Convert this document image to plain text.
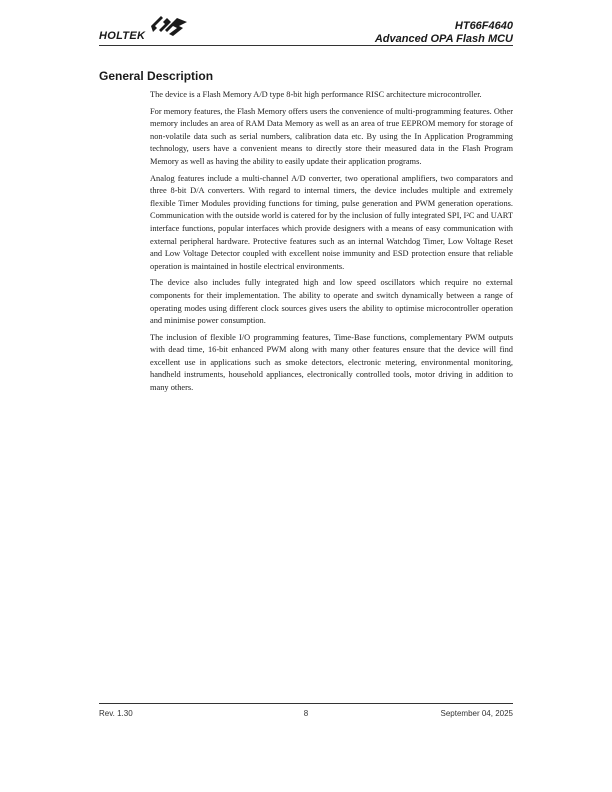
HOLTEK
HT66F4640
Advanced OPA Flash MCU
General Description

The device is a Flash Memory A/D type 8-bit high performance RISC architecture microcontroller.

For memory features, the Flash Memory offers users the convenience of multi-programming features. Other memory includes an area of RAM Data Memory as well as an area of true EEPROM memory for storage of non-volatile data such as serial numbers, calibration data etc. By using the In Application Programming technology, users have a convenient means to directly store their measured data in the Flash Program Memory as well as having the ability to easily update their application programs.

Analog features include a multi-channel A/D converter, two operational amplifiers, two comparators and three 8-bit D/A converters. With regard to internal timers, the device includes multiple and extremely flexible Timer Modules providing functions for timing, pulse generation and PWM generation operations. Communication with the outside world is catered for by the inclusion of fully integrated SPI, I²C and UART interface functions, popular interfaces which provide designers with a means of easy communication with external peripheral hardware. Protective features such as an internal Watchdog Timer, Low Voltage Reset and Low Voltage Detector coupled with excellent noise immunity and ESD protection ensure that reliable operation is maintained in hostile electrical environments.

The device also includes fully integrated high and low speed oscillators which require no external components for their implementation. The ability to operate and switch dynamically between a range of operating modes using different clock sources gives users the ability to optimise microcontroller operation and minimise power consumption.

The inclusion of flexible I/O programming features, Time-Base functions, complementary PWM outputs with dead time, 16-bit enhanced PWM along with many other features ensure that the device will find excellent use in applications such as smoke detectors, electronic metering, environmental monitoring, handheld instruments, household appliances, electronically controlled tools, motor driving in addition to many others.

Rev. 1.30	8	September 04, 2025
